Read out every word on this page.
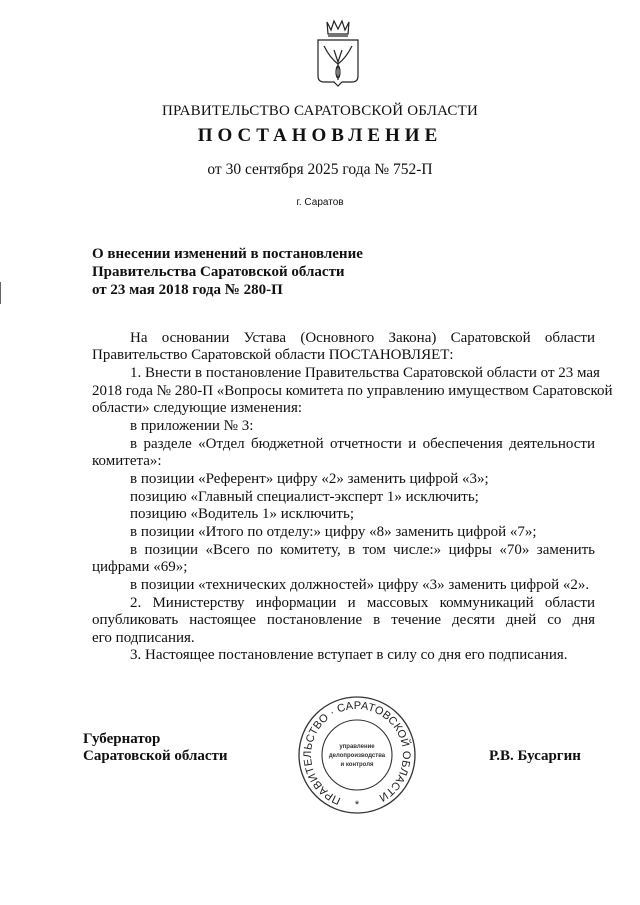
ПРАВИТЕЛЬСТВО САРАТОВСКОЙ ОБЛАСТИ
ПОСТАНОВЛЕНИЕ
от 30 сентября 2025 года № 752-П
г. Саратов
О внесении изменений в постановление
Правительства Саратовской области
от 23 мая 2018 года № 280-П
На основании Устава (Основного Закона) Саратовской области
Правительство Саратовской области ПОСТАНОВЛЯЕТ:
1. Внести в постановление Правительства Саратовской области от 23 мая
2018 года № 280-П «Вопросы комитета по управлению имуществом Саратовской
области» следующие изменения:
в приложении № 3:
в разделе «Отдел бюджетной отчетности и обеспечения деятельности
комитета»:
в позиции «Референт» цифру «2» заменить цифрой «3»;
позицию «Главный специалист-эксперт 1» исключить;
позицию «Водитель 1» исключить;
в позиции «Итого по отделу:» цифру «8» заменить цифрой «7»;
в позиции «Всего по комитету, в том числе:» цифры «70» заменить
цифрами «69»;
в позиции «технических должностей» цифру «3» заменить цифрой «2».
2. Министерству информации и массовых коммуникаций области
опубликовать настоящее постановление в течение десяти дней со дня
его подписания.
3. Настоящее постановление вступает в силу со дня его подписания.
Губернатор
Саратовской области	Р.В. Бусаргин
ПРАВИТЕЛЬСТВО · САРАТОВСКОЙ ОБЛАСТИ
*
управление
делопроизводства
и контроля
